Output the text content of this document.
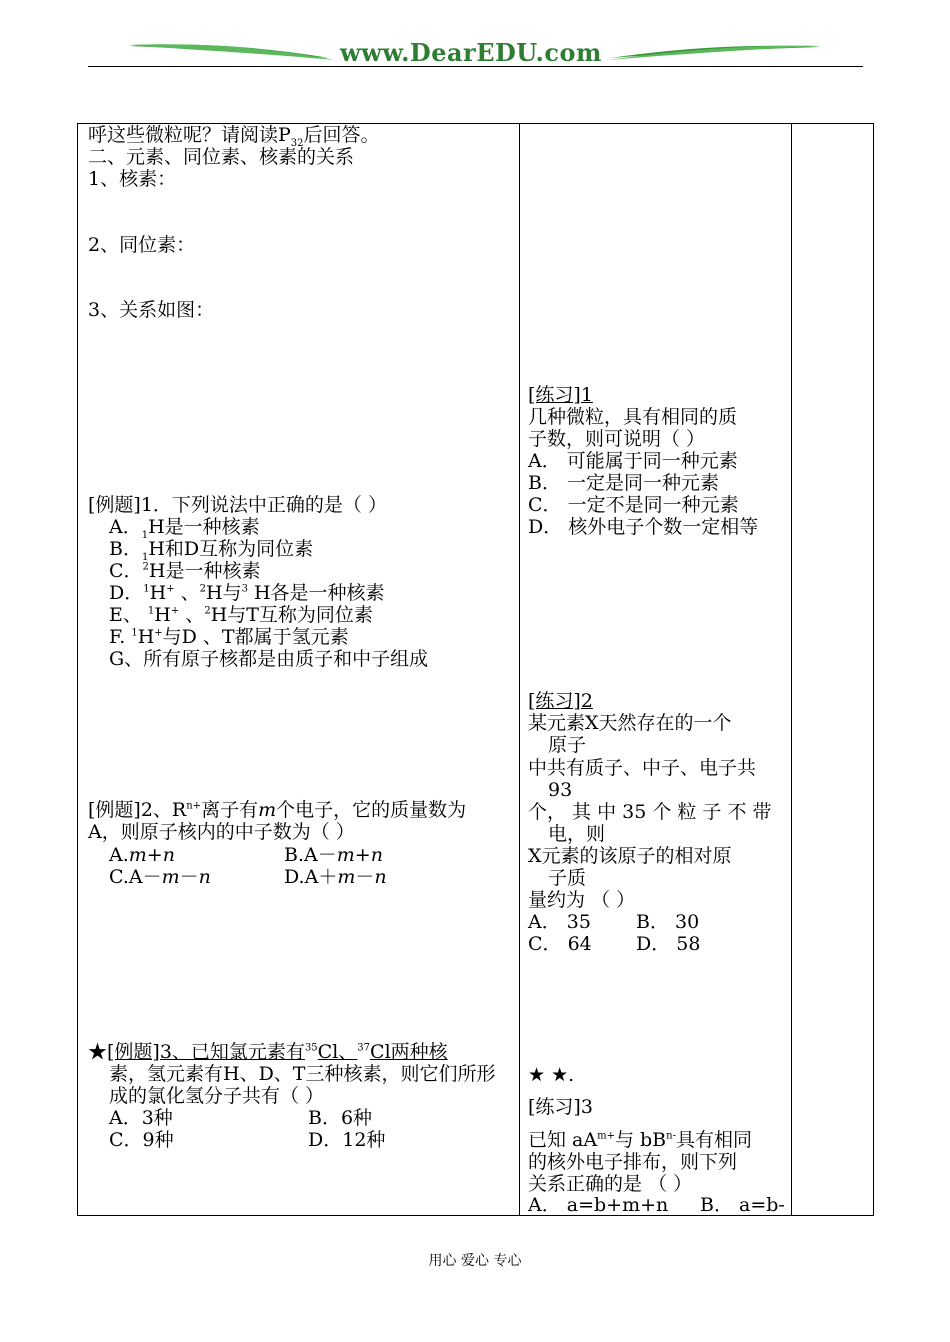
www.DearEDU.com
呼这些微粒呢？请阅读$P_{32}$后回答。
二、元素、同位素、核素的关系
1、核素：
2、同位素：
3、关系如图：
[例题]1．下列说法中正确的是（ ）
A．$_1$H是一种核素
B．$_1$H和D互称为同位素
C．$^2$H是一种核素
D．$^1$H+ 、$^2$H与$^3$ H各是一种核素
E、 $^1$H+ 、$^2$H与T互称为同位素
F. $^1$H+与D 、T都属于氢元素
G、所有原子核都是由质子和中子组成
[例题]2、$R^{n+}$离子有m个电子，它的质量数为
A，则原子核内的中子数为（ ）
A.m+n	B.A－m+n
C.A－m－n	D.A＋m－n
★[例题]3、已知氯元素有$^{35}$Cl、$^{37}$Cl两种核
素，氢元素有H、D、T三种核素，则它们所形
成的氯化氢分子共有（ ）
A．3种	B．6种
C．9种	D．12种

[练习]1
几种微粒，具有相同的质
子数，则可说明（ ）
A． 可能属于同一种元素
B． 一定是同一种元素
C． 一定不是同一种元素
D． 核外电子个数一定相等
[练习]2
某元素X天然存在的一个
原子
中共有质子、中子、电子共
93
个， 其 中 35 个 粒 子 不 带
电，则
X元素的该原子的相对原
子质
量约为 （ ）
A． 35 B． 30
C． 64 D． 58
★ ★.
[练习]3
已知 $aA^{m+}$与 $bB^{n-}$具有相同
的核外电子排布，则下列
关系正确的是 （ ）
A． a=b+m+n B． a=b-

用心 爱心 专心
